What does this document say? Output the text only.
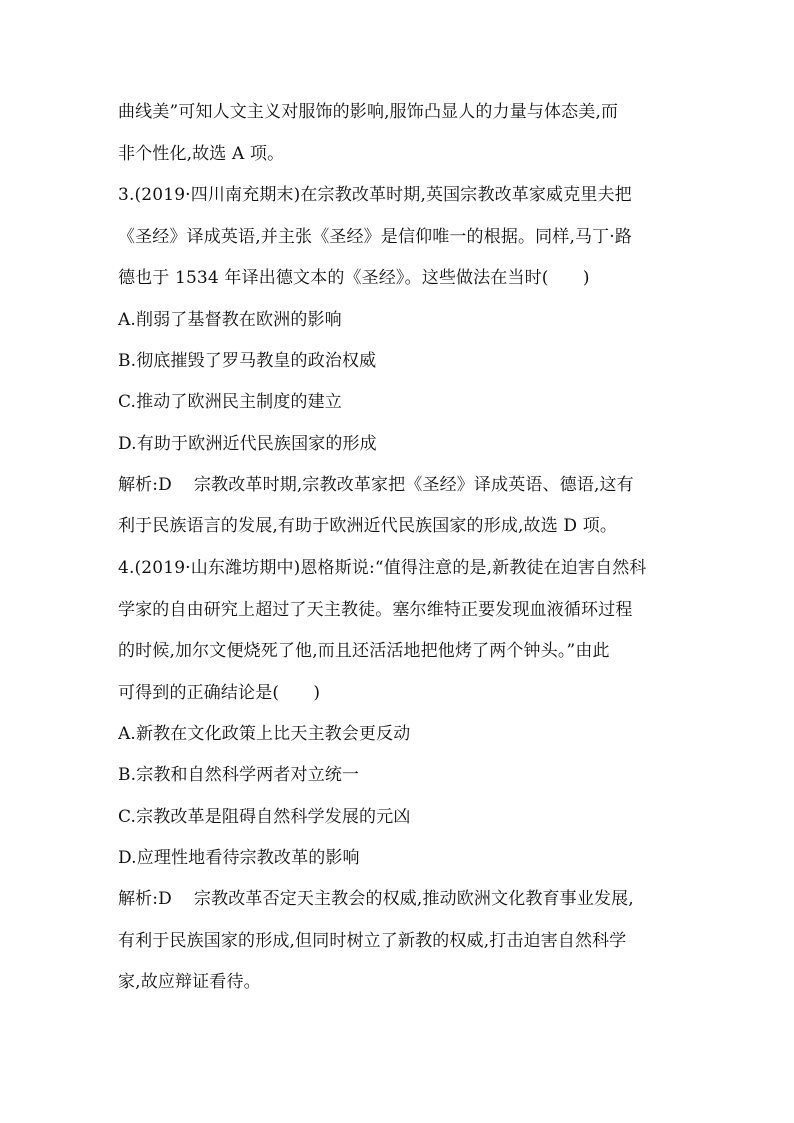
曲线美”可知人文主义对服饰的影响,服饰凸显人的力量与体态美,而
非个性化,故选 A 项。
3.(2019·四川南充期末)在宗教改革时期,英国宗教改革家威克里夫把
《圣经》译成英语,并主张《圣经》是信仰唯一的根据。同样,马丁·路
德也于 1534 年译出德文本的《圣经》。这些做法在当时(　　)
A.削弱了基督教在欧洲的影响
B.彻底摧毁了罗马教皇的政治权威
C.推动了欧洲民主制度的建立
D.有助于欧洲近代民族国家的形成
解析:D 宗教改革时期,宗教改革家把《圣经》译成英语、德语,这有
利于民族语言的发展,有助于欧洲近代民族国家的形成,故选 D 项。
4.(2019·山东潍坊期中)恩格斯说:“值得注意的是,新教徒在迫害自然科
学家的自由研究上超过了天主教徒。塞尔维特正要发现血液循环过程
的时候,加尔文便烧死了他,而且还活活地把他烤了两个钟头。”由此
可得到的正确结论是(　　)
A.新教在文化政策上比天主教会更反动
B.宗教和自然科学两者对立统一
C.宗教改革是阻碍自然科学发展的元凶
D.应理性地看待宗教改革的影响
解析:D 宗教改革否定天主教会的权威,推动欧洲文化教育事业发展,
有利于民族国家的形成,但同时树立了新教的权威,打击迫害自然科学
家,故应辩证看待。
